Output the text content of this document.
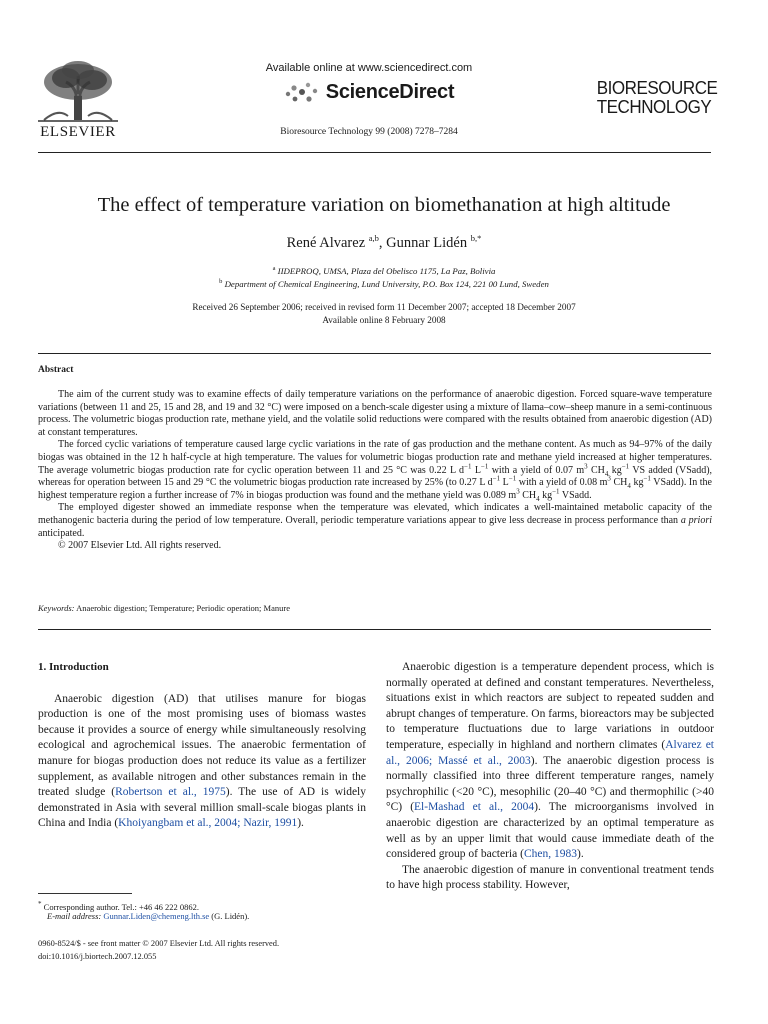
ELSEVIER
Available online at www.sciencedirect.com
ScienceDirect
Bioresource Technology 99 (2008) 7278–7284
BIORESOURCE
TECHNOLOGY
The effect of temperature variation on biomethanation at high altitude
René Alvarez $^{a,b}$, Gunnar Lidén $^{b,*}$
$^a$ IIDEPROQ, UMSA, Plaza del Obelisco 1175, La Paz, Bolivia
$^b$ Department of Chemical Engineering, Lund University, P.O. Box 124, 221 00 Lund, Sweden
Received 26 September 2006; received in revised form 11 December 2007; accepted 18 December 2007
Available online 8 February 2008
Abstract

The aim of the current study was to examine effects of daily temperature variations on the performance of anaerobic digestion. Forced square-wave temperature variations (between 11 and 25, 15 and 28, and 19 and 32 °C) were imposed on a bench-scale digester using a mixture of llama–cow–sheep manure in a semi-continuous process. The volumetric biogas production rate, methane yield, and the volatile solid reductions were compared with the results obtained from anaerobic digestion (AD) at constant temperatures.

The forced cyclic variations of temperature caused large cyclic variations in the rate of gas production and the methane content. As much as 94–97% of the daily biogas was obtained in the 12 h half-cycle at high temperature. The values for volumetric biogas production rate and methane yield increased at higher temperatures. The average volumetric biogas production rate for cyclic operation between 11 and 25 °C was 0.22 L $d^{-1}$ $L^{-1}$ with a yield of 0.07 $m^3$ $CH_4$ $kg^{-1}$ VS added (VSadd), whereas for operation between 15 and 29 °C the volumetric biogas production rate increased by 25% (to 0.27 L $d^{-1}$ $L^{-1}$ with a yield of 0.08 $m^3$ $CH_4$ $kg^{-1}$ VSadd). In the highest temperature region a further increase of 7% in biogas production was found and the methane yield was 0.089 $m^3$ $CH_4$ $kg^{-1}$ VSadd.

The employed digester showed an immediate response when the temperature was elevated, which indicates a well-maintained metabolic capacity of the methanogenic bacteria during the period of low temperature. Overall, periodic temperature variations appear to give less decrease in process performance than a priori anticipated.

© 2007 Elsevier Ltd. All rights reserved.

Keywords: Anaerobic digestion; Temperature; Periodic operation; Manure

1. Introduction

Anaerobic digestion (AD) that utilises manure for biogas production is one of the most promising uses of biomass wastes because it provides a source of energy while simultaneously resolving ecological and agrochemical issues. The anaerobic fermentation of manure for biogas production does not reduce its value as a fertilizer supplement, as available nitrogen and other substances remain in the treated sludge (Robertson et al., 1975). The use of AD is widely demonstrated in Asia with several million small-scale biogas plants in China and India (Khoiyangbam et al., 2004; Nazir, 1991).

Anaerobic digestion is a temperature dependent process, which is normally operated at defined and constant temperatures. Nevertheless, situations exist in which reactors are subject to repeated sudden and abrupt changes of temperature. On farms, bioreactors may be subjected to temperature fluctuations due to large variations in outdoor temperature, especially in highland and northern climates (Alvarez et al., 2006; Massé et al., 2003). The anaerobic digestion process is normally classified into three different temperature ranges, namely psychrophilic (<20 °C), mesophilic (20–40 °C) and thermophilic (>40 °C) (El-Mashad et al., 2004). The microorganisms involved in anaerobic digestion are characterized by an optimal temperature as well as by an upper limit that would cause immediate death of the considered group of bacteria (Chen, 1983).

The anaerobic digestion of manure in conventional treatment tends to have high process stability. However,

* Corresponding author. Tel.: +46 46 222 0862.
E-mail address: Gunnar.Liden@chemeng.lth.se (G. Lidén).
0960-8524/$ - see front matter © 2007 Elsevier Ltd. All rights reserved.
doi:10.1016/j.biortech.2007.12.055
